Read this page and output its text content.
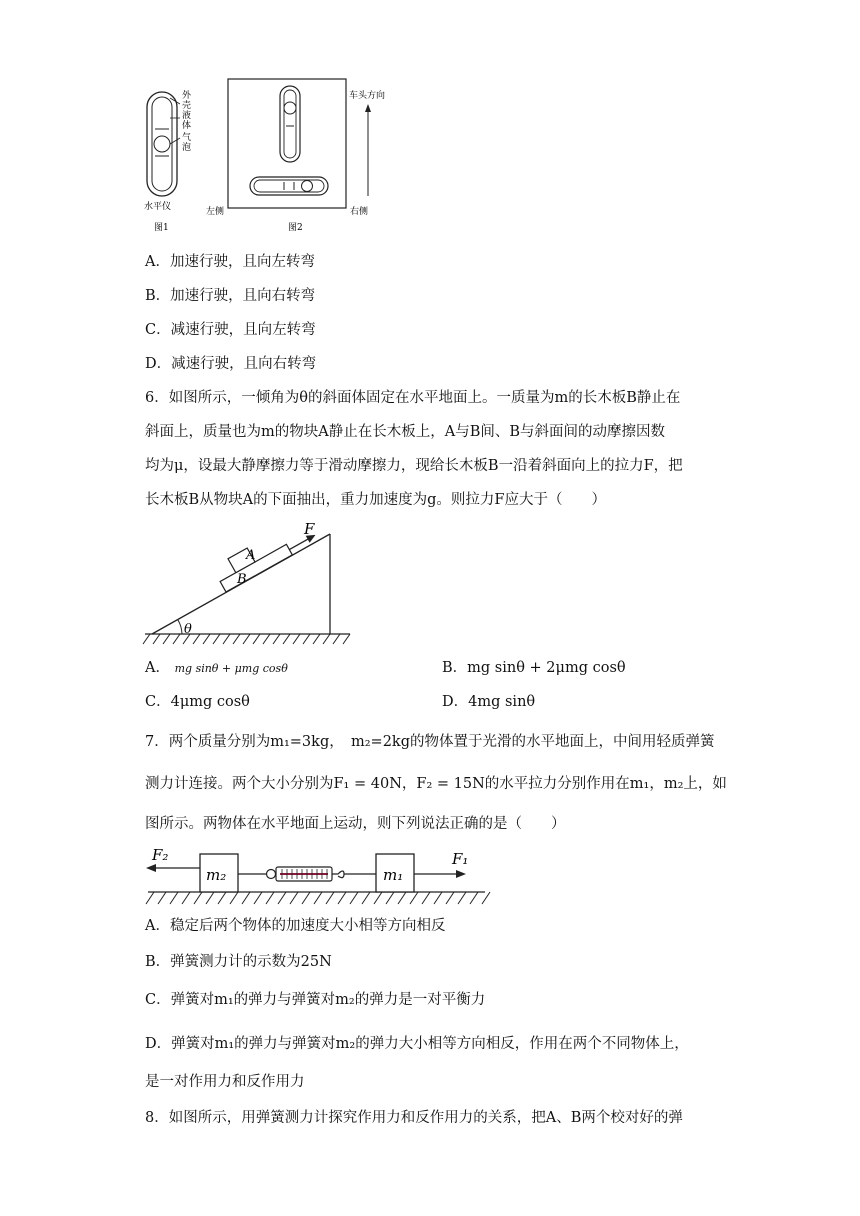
外
壳
液
体
气
泡
水平仪
图1
车头方向
左侧	右侧
图2
A．加速行驶，且向左转弯
B．加速行驶，且向右转弯
C．减速行驶，且向左转弯
D．减速行驶，且向右转弯
6．如图所示，一倾角为θ的斜面体固定在水平地面上。一质量为m的长木板B静止在
斜面上，质量也为m的物块A静止在长木板上，A与B间、B与斜面间的动摩擦因数
均为μ，设最大静摩擦力等于滑动摩擦力，现给长木板B一沿着斜面向上的拉力F，把
长木板B从物块A的下面抽出，重力加速度为g。则拉力F应大于（　　）
F
A
B
θ
A． mg sinθ + μmg cosθ	B．mg sinθ + 2μmg cosθ
C．4μmg cosθ	D．4mg sinθ
7．两个质量分别为m₁=3kg，　m₂=2kg的物体置于光滑的水平地面上，中间用轻质弹簧
测力计连接。两个大小分别为F₁ = 40N，F₂ = 15N的水平拉力分别作用在m₁，m₂上，如
图所示。两物体在水平地面上运动，则下列说法正确的是（　　）
m₂	m₁
F₂	F₁
A．稳定后两个物体的加速度大小相等方向相反
B．弹簧测力计的示数为25N
C．弹簧对m₁的弹力与弹簧对m₂的弹力是一对平衡力
D．弹簧对m₁的弹力与弹簧对m₂的弹力大小相等方向相反，作用在两个不同物体上，
是一对作用力和反作用力
8．如图所示，用弹簧测力计探究作用力和反作用力的关系，把A、B两个校对好的弹
